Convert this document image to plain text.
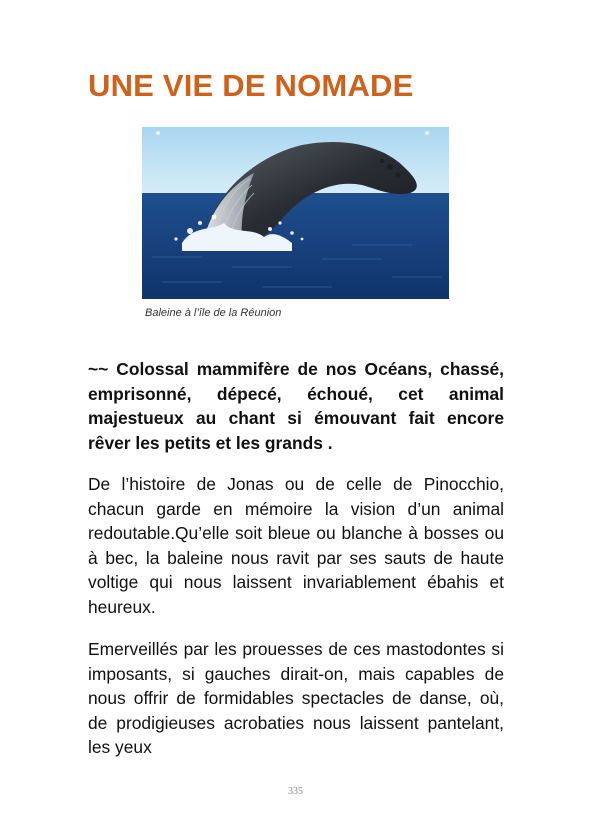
UNE VIE DE NOMADE
Baleine à l’île de la Réunion

~~ Colossal mammifère de nos Océans, chassé, emprisonné, dépecé, échoué, cet animal majestueux au chant si émouvant fait encore rêver les petits et les grands .

De l’histoire de Jonas ou de celle de Pinocchio, chacun garde en mémoire la vision d’un animal redoutable.Qu’elle soit bleue ou blanche à bosses ou à bec, la baleine nous ravit par ses sauts de haute voltige qui nous laissent invariablement ébahis et heureux.

Emerveillés par les prouesses de ces mastodontes si imposants, si gauches dirait-on, mais capables de nous offrir de formidables spectacles de danse, où, de prodigieuses acrobaties nous laissent pantelant, les yeux

335
